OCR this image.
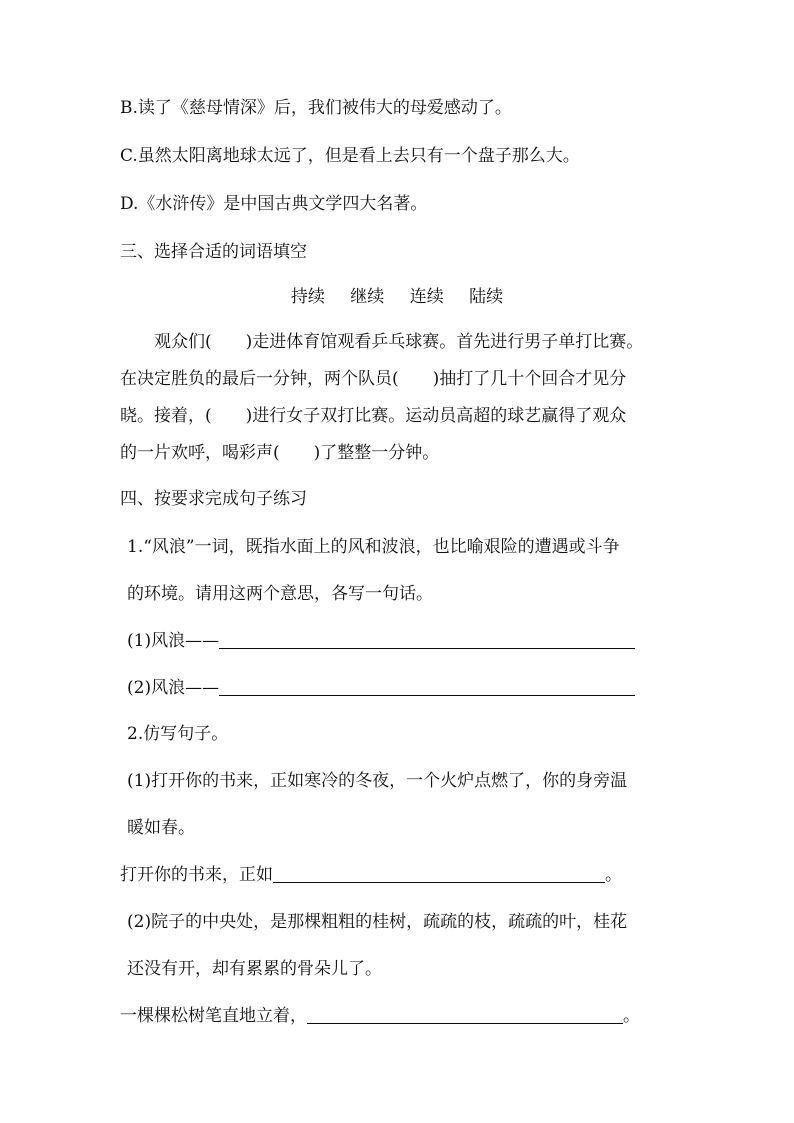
B.读了《慈母情深》后，我们被伟大的母爱感动了。
C.虽然太阳离地球太远了，但是看上去只有一个盘子那么大。
D.《水浒传》是中国古典文学四大名著。
三、选择合适的词语填空
持续 继续 连续 陆续
观众们(　　)走进体育馆观看乒乓球赛。首先进行男子单打比赛。
在决定胜负的最后一分钟，两个队员(　　)抽打了几十个回合才见分
晓。接着，(　　)进行女子双打比赛。运动员高超的球艺赢得了观众
的一片欢呼，喝彩声(　　)了整整一分钟。
四、按要求完成句子练习
1.“风浪”一词，既指水面上的风和波浪，也比喻艰险的遭遇或斗争
的环境。请用这两个意思，各写一句话。
(1)风浪——
(2)风浪——
2.仿写句子。
(1)打开你的书来，正如寒冷的冬夜，一个火炉点燃了，你的身旁温
暖如春。
打开你的书来，正如	。
(2)院子的中央处，是那棵粗粗的桂树，疏疏的枝，疏疏的叶，桂花
还没有开，却有累累的骨朵儿了。
一棵棵松树笔直地立着，	。
